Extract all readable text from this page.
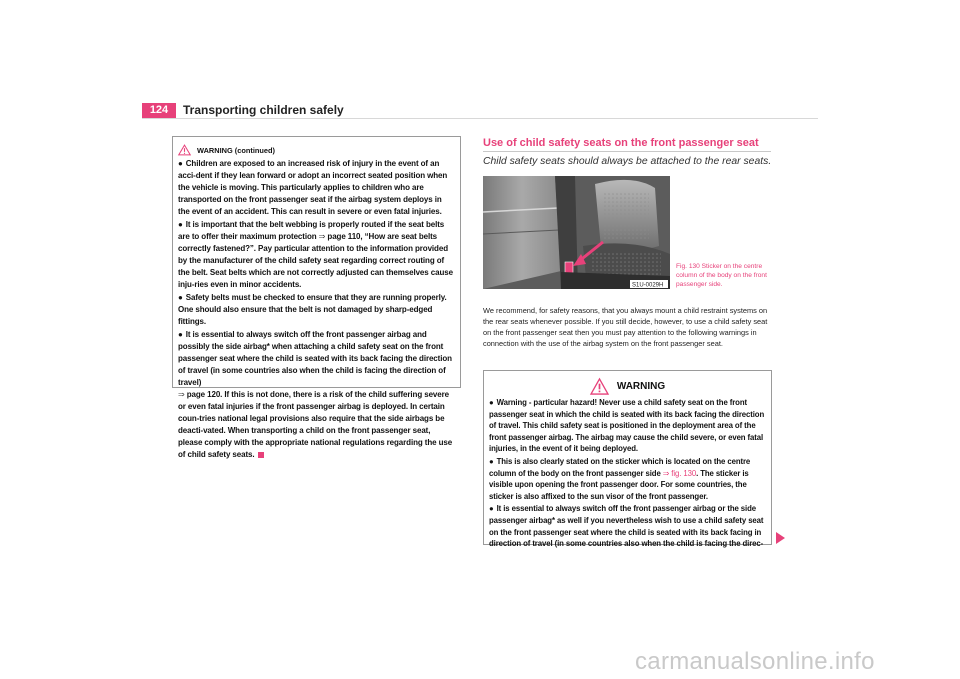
124	Transporting children safely
WARNING (continued)

● Children are exposed to an increased risk of injury in the event of an acci-dent if they lean forward or adopt an incorrect seated position when the vehicle is moving. This particularly applies to children who are transported on the front passenger seat if the airbag system deploys in the event of an accident. This can result in severe or even fatal injuries.

● It is important that the belt webbing is properly routed if the seat belts are to offer their maximum protection ⇒ page 110, “How are seat belts correctly fastened?”. Pay particular attention to the information provided by the manufacturer of the child safety seat regarding correct routing of the belt. Seat belts which are not correctly adjusted can themselves cause inju-ries even in minor accidents.

● Safety belts must be checked to ensure that they are running properly. One should also ensure that the belt is not damaged by sharp-edged fittings.

● It is essential to always switch off the front passenger airbag and possibly the side airbag* when attaching a child safety seat on the front passenger seat where the child is seated with its back facing the direction of travel (in some countries also when the child is facing the direction of travel)
⇒ page 120. If this is not done, there is a risk of the child suffering severe or even fatal injuries if the front passenger airbag is deployed. In certain coun-tries national legal provisions also require that the side airbags be deacti-vated. When transporting a child on the front passenger seat, please comply with the appropriate national regulations regarding the use of child safety seats.

Use of child safety seats on the front passenger seat
Child safety seats should always be attached to the rear seats.
S1U-0029H
Fig. 130 Sticker on the centre column of the body on the front passenger side.

We recommend, for safety reasons, that you always mount a child restraint systems on the rear seats whenever possible. If you still decide, however, to use a child safety seat on the front passenger seat then you must pay attention to the following warnings in connection with the use of the airbag system on the front passenger seat.

WARNING

● Warning - particular hazard! Never use a child safety seat on the front passenger seat in which the child is seated with its back facing the direction of travel. This child safety seat is positioned in the deployment area of the front passenger airbag. The airbag may cause the child severe, or even fatal injuries, in the event of it being deployed.

● This is also clearly stated on the sticker which is located on the centre column of the body on the front passenger side ⇒ fig. 130. The sticker is visible upon opening the front passenger door. For some countries, the sticker is also affixed to the sun visor of the front passenger.

● It is essential to always switch off the front passenger airbag or the side passenger airbag* as well if you nevertheless wish to use a child safety seat on the front passenger seat where the child is seated with its back facing in direction of travel (in some countries also when the child is facing the direc-

carmanualsonline.info
